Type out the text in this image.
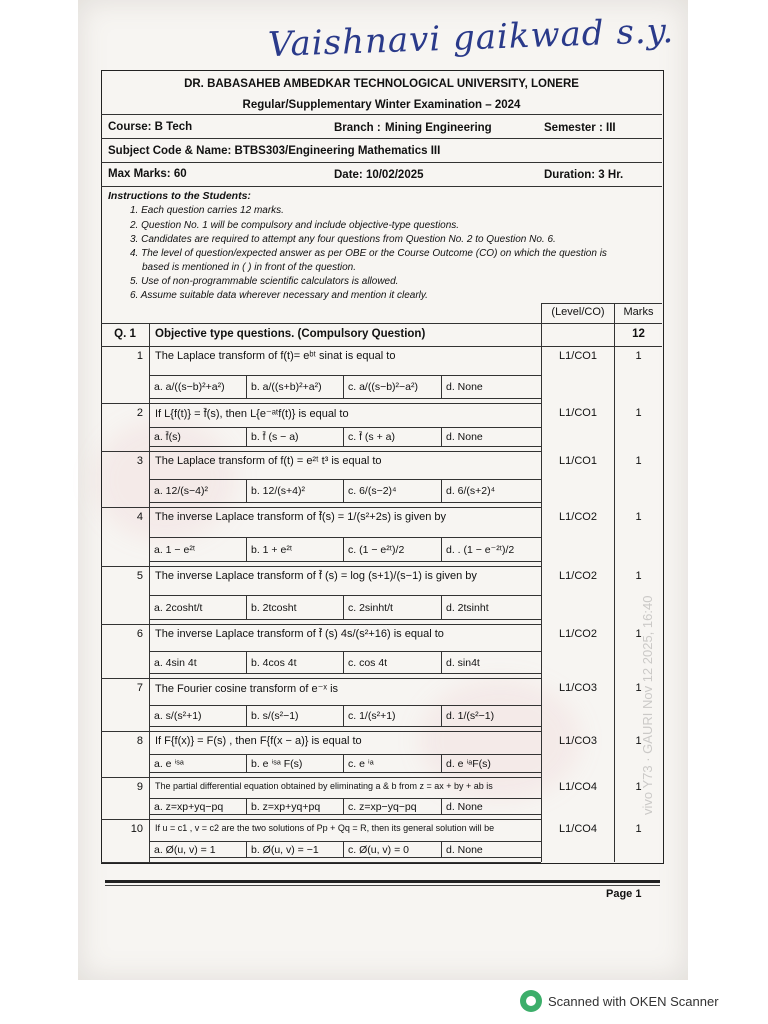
Vaishnavi gaikwad s.y.
DR. BABASAHEB AMBEDKAR TECHNOLOGICAL UNIVERSITY, LONERE
Regular/Supplementary Winter Examination – 2024
Course: B Tech	Branch : Mining Engineering	Semester : III
Subject Code & Name: BTBS303/Engineering Mathematics III
Max Marks: 60	Date: 10/02/2025	Duration: 3 Hr.
Instructions to the Students:
1. Each question carries 12 marks.
2. Question No. 1 will be compulsory and include objective-type questions.
3. Candidates are required to attempt any four questions from Question No. 2 to Question No. 6.
4. The level of question/expected answer as per OBE or the Course Outcome (CO) on which the question is
based is mentioned in ( ) in front of the question.
5. Use of non-programmable scientific calculators is allowed.
6. Assume suitable data wherever necessary and mention it clearly.
(Level/CO)	Marks
Q. 1	Objective type questions. (Compulsory Question)	12
1 The Laplace transform of f(t)= eᵇᵗ sinat is equal to	L1/CO1	1
a. a/((s−b)²+a²)	b. a/((s+b)²+a²)	c. a/((s−b)²−a²)	d. None
2 If L{f(t)} = f̄(s), then L{e⁻ᵃᵗf(t)} is equal to	L1/CO1	1
a. f̄(s)	b. f̄ (s − a)	c. f̄ (s + a)	d. None
3 The Laplace transform of f(t) = e²ᵗ t³ is equal to	L1/CO1	1
a. 12/(s−4)²	b. 12/(s+4)²	c. 6/(s−2)⁴	d. 6/(s+2)⁴
4 The inverse Laplace transform of f̄(s) = 1/(s²+2s) is given by	L1/CO2	1
a. 1 − e²ᵗ	b. 1 + e²ᵗ	c. (1 − e²ᵗ)/2	d. . (1 − e⁻²ᵗ)/2
5 The inverse Laplace transform of f̄ (s) = log (s+1)/(s−1) is given by	L1/CO2	1
a. 2cosht/t	b. 2tcosht	c. 2sinht/t	d. 2tsinht
6 The inverse Laplace transform of f̄ (s) 4s/(s²+16) is equal to	L1/CO2	1
a. 4sin 4t	b. 4cos 4t	c. cos 4t	d. sin4t
7 The Fourier cosine transform of e⁻ˣ is	L1/CO3	1
a. s/(s²+1)	b. s/(s²−1)	c. 1/(s²+1)	d. 1/(s²−1)
8 If F{f(x)} = F(s) , then F{f(x − a)} is equal to	L1/CO3	1
a. e ⁱˢᵃ	b. e ⁱˢᵃ F(s)	c. e ⁱᵃ	d. e ⁱᵃF(s)
9 The partial differential equation obtained by eliminating a & b from z = ax + by + ab is	L1/CO4	1
a. z=xp+yq−pq	b. z=xp+yq+pq	c. z=xp−yq−pq	d. None
10 If u = c1 , v = c2 are the two solutions of Pp + Qq = R, then its general solution will be	L1/CO4	1
a. Ø(u, v) = 1	b. Ø(u, v) = −1	c. Ø(u, v) = 0	d. None
Page 1
vivo Y73 · GAURI Nov 12 2025, 16:40
Scanned with OKEN Scanner
